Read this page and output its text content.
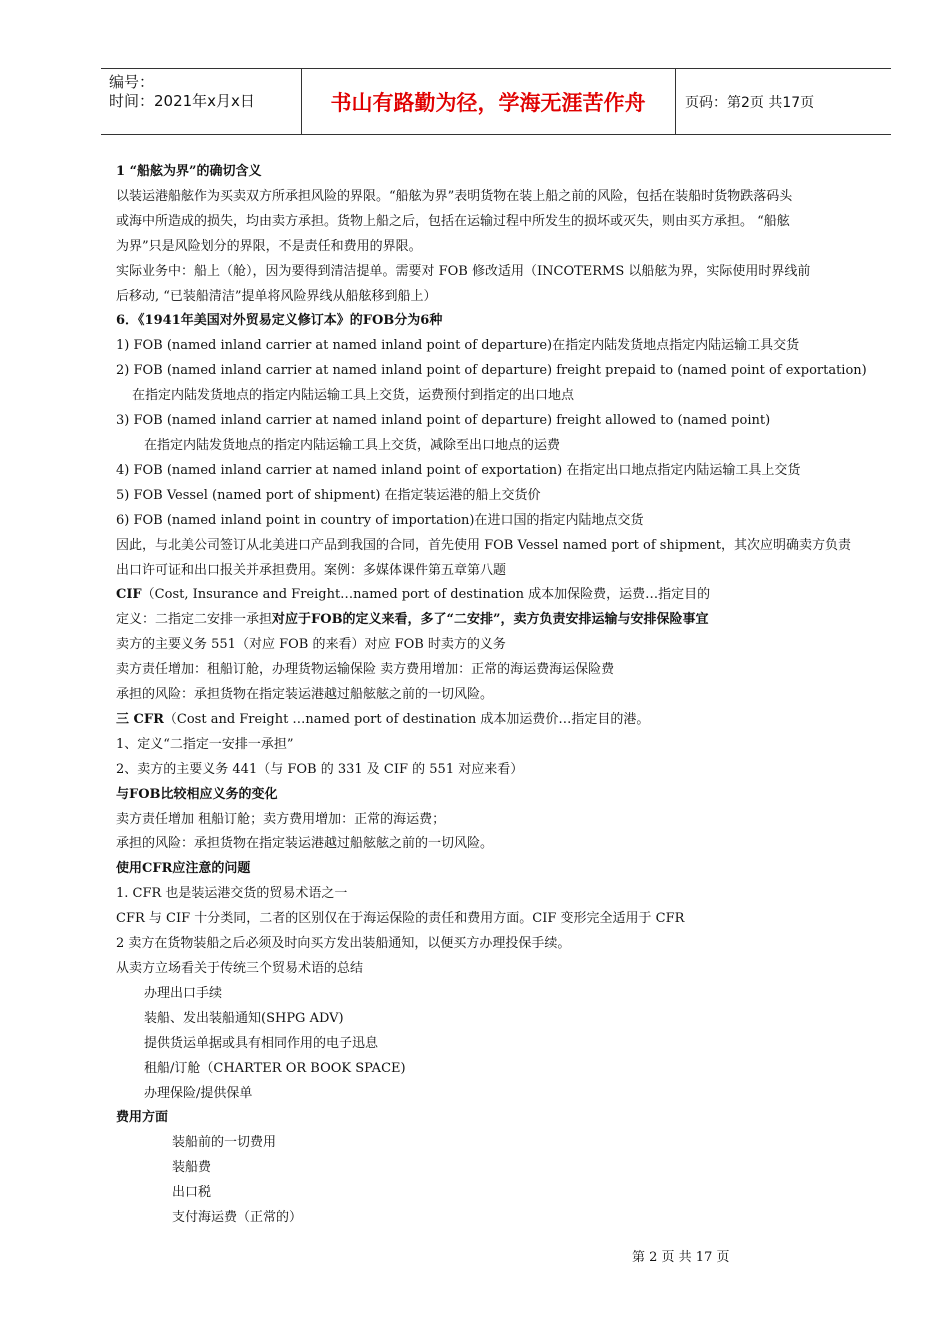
编号：
时间：2021年x月x日	书山有路勤为径，学海无涯苦作舟	页码：第2页 共17页
1 “船舷为界”的确切含义
以装运港船舷作为买卖双方所承担风险的界限。“船舷为界”表明货物在装上船之前的风险，包括在装船时货物跌落码头
或海中所造成的损失，均由卖方承担。货物上船之后，包括在运输过程中所发生的损坏或灭失，则由买方承担。 “船舷
为界”只是风险划分的界限，不是责任和费用的界限。
实际业务中：船上（舱），因为要得到清洁提单。需要对 FOB 修改适用（INCOTERMS 以船舷为界，实际使用时界线前
后移动, “已装船清洁”提单将风险界线从船舷移到船上）
6．《1941年美国对外贸易定义修订本》的FOB分为6种
1) FOB (named inland carrier at named inland point of departure)在指定内陆发货地点指定内陆运输工具交货
2) FOB (named inland carrier at named inland point of departure) freight prepaid to (named point of exportation)
在指定内陆发货地点的指定内陆运输工具上交货，运费预付到指定的出口地点
3) FOB (named inland carrier at named inland point of departure) freight allowed to (named point)
在指定内陆发货地点的指定内陆运输工具上交货，减除至出口地点的运费
4) FOB (named inland carrier at named inland point of exportation) 在指定出口地点指定内陆运输工具上交货
5) FOB Vessel (named port of shipment) 在指定装运港的船上交货价
6) FOB (named inland point in country of importation)在进口国的指定内陆地点交货
因此，与北美公司签订从北美进口产品到我国的合同，首先使用 FOB Vessel named port of shipment，其次应明确卖方负责
出口许可证和出口报关并承担费用。案例：多媒体课件第五章第八题
CIF（Cost, Insurance and Freight…named port of destination 成本加保险费，运费…指定目的
定义：二指定二安排一承担对应于FOB的定义来看，多了“二安排”，卖方负责安排运输与安排保险事宜
卖方的主要义务 551（对应 FOB 的来看）对应 FOB 时卖方的义务
卖方责任增加：租船订舱，办理货物运输保险 卖方费用增加：正常的海运费海运保险费
承担的风险：承担货物在指定装运港越过船舷舷之前的一切风险。
三 CFR（Cost and Freight …named port of destination 成本加运费价…指定目的港。
1、定义“二指定一安排一承担”
2、卖方的主要义务 441（与 FOB 的 331 及 CIF 的 551 对应来看）
与FOB比较相应义务的变化
卖方责任增加 租船订舱；卖方费用增加：正常的海运费；
承担的风险：承担货物在指定装运港越过船舷舷之前的一切风险。
使用CFR应注意的问题
1. CFR 也是装运港交货的贸易术语之一
CFR 与 CIF 十分类同，二者的区别仅在于海运保险的责任和费用方面。CIF 变形完全适用于 CFR
2 卖方在货物装船之后必须及时向买方发出装船通知，以便买方办理投保手续。
从卖方立场看关于传统三个贸易术语的总结
办理出口手续
装船、发出装船通知(SHPG ADV)
提供货运单据或具有相同作用的电子迅息
租船/订舱（CHARTER OR BOOK SPACE)
办理保险/提供保单
费用方面
装船前的一切费用
装船费
出口税
支付海运费（正常的）
第 2 页 共 17 页
